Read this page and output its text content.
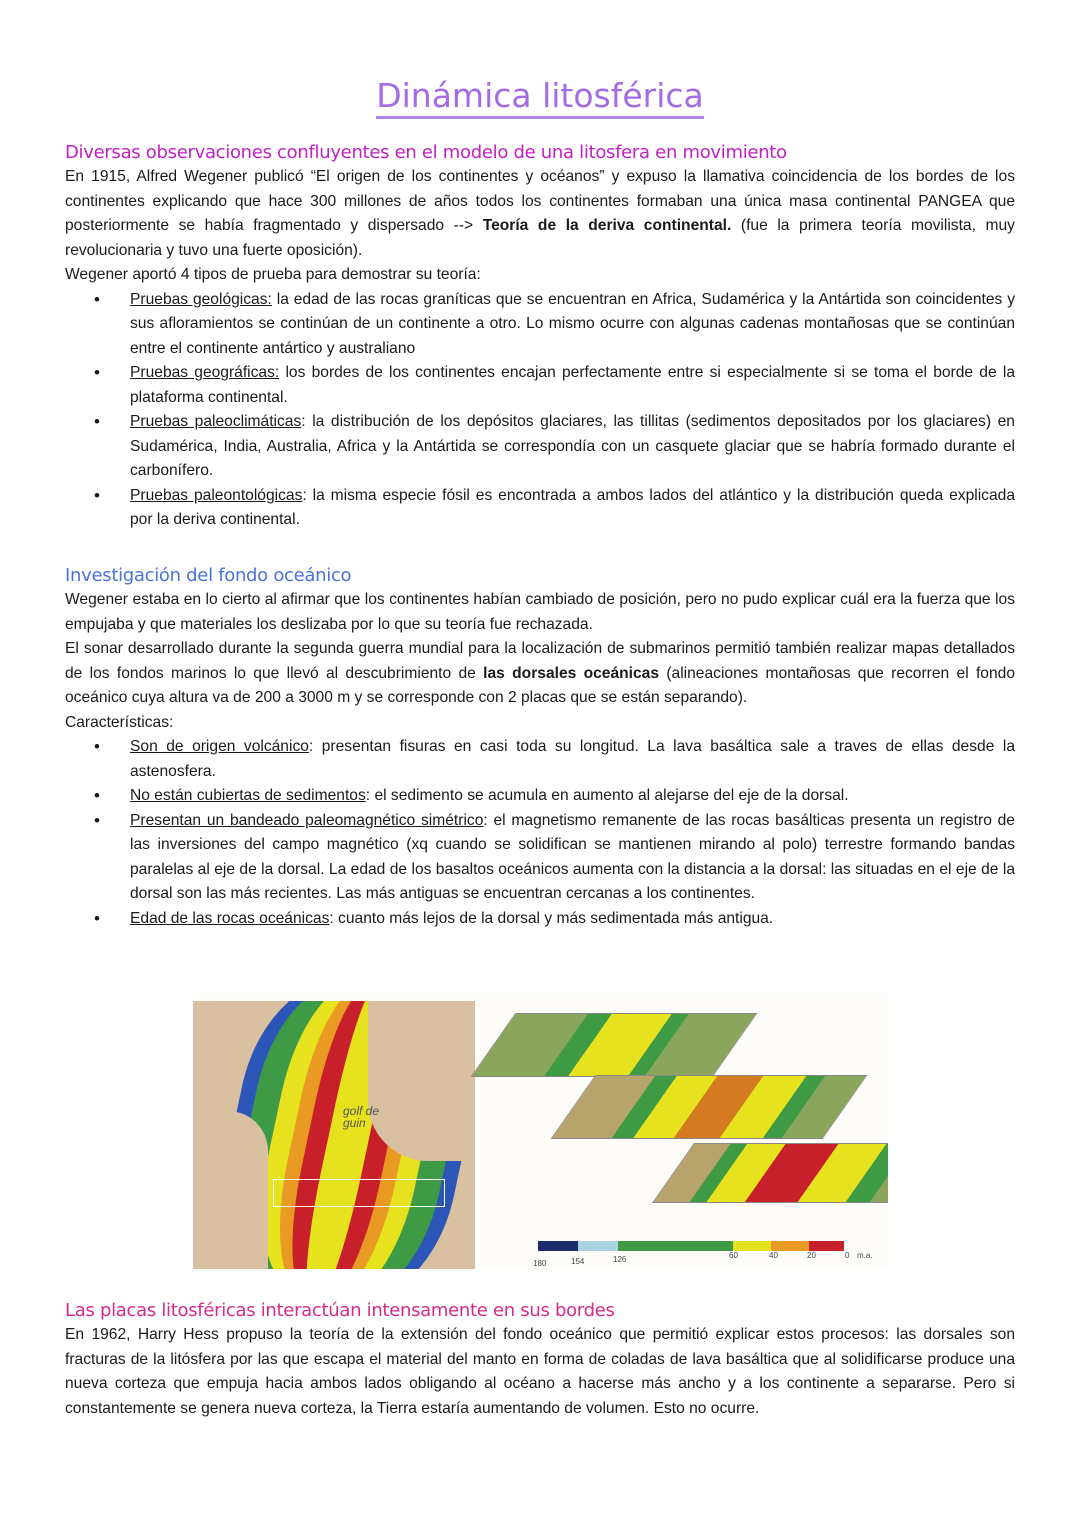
Dinámica litosférica
Diversas observaciones confluyentes en el modelo de una litosfera en movimiento

En 1915, Alfred Wegener publicó “El origen de los continentes y océanos” y expuso la llamativa coincidencia de los bordes de los continentes explicando que hace 300 millones de años todos los continentes formaban una única masa continental PANGEA que posteriormente se había fragmentado y dispersado --> Teoría de la deriva continental. (fue la primera teoría movilista, muy revolucionaria y tuvo una fuerte oposición).

Wegener aportó 4 tipos de prueba para demostrar su teoría:

• Pruebas geológicas: la edad de las rocas graníticas que se encuentran en Africa, Sudamérica y la Antártida son coincidentes y sus afloramientos se continúan de un continente a otro. Lo mismo ocurre con algunas cadenas montañosas que se continúan entre el continente antártico y australiano
• Pruebas geográficas: los bordes de los continentes encajan perfectamente entre si especialmente si se toma el borde de la plataforma continental.
• Pruebas paleoclimáticas: la distribución de los depósitos glaciares, las tillitas (sedimentos depositados por los glaciares) en Sudamérica, India, Australia, Africa y la Antártida se correspondía con un casquete glaciar que se habría formado durante el carbonífero.
• Pruebas paleontológicas: la misma especie fósil es encontrada a ambos lados del atlántico y la distribución queda explicada por la deriva continental.
Investigación del fondo oceánico

Wegener estaba en lo cierto al afirmar que los continentes habían cambiado de posición, pero no pudo explicar cuál era la fuerza que los empujaba y que materiales los deslizaba por lo que su teoría fue rechazada.

El sonar desarrollado durante la segunda guerra mundial para la localización de submarinos permitió también realizar mapas detallados de los fondos marinos lo que llevó al descubrimiento de las dorsales oceánicas (alineaciones montañosas que recorren el fondo oceánico cuya altura va de 200 a 3000 m y se corresponde con 2 placas que se están separando).

Características:

• Son de origen volcánico: presentan fisuras en casi toda su longitud. La lava basáltica sale a traves de ellas desde la astenosfera.
• No están cubiertas de sedimentos: el sedimento se acumula en aumento al alejarse del eje de la dorsal.
• Presentan un bandeado paleomagnético simétrico: el magnetismo remanente de las rocas basálticas presenta un registro de las inversiones del campo magnético (xq cuando se solidifican se mantienen mirando al polo) terrestre formando bandas paralelas al eje de la dorsal. La edad de los basaltos oceánicos aumenta con la distancia a la dorsal: las situadas en el eje de la dorsal son las más recientes. Las más antiguas se encuentran cercanas a los continentes.
• Edad de las rocas oceánicas: cuanto más lejos de la dorsal y más sedimentada más antigua.
Las placas litosféricas interactúan intensamente en sus bordes

En 1962, Harry Hess propuso la teoría de la extensión del fondo oceánico que permitió explicar estos procesos: las dorsales son fracturas de la litósfera por las que escapa el material del manto en forma de coladas de lava basáltica que al solidificarse produce una nueva corteza que empuja hacia ambos lados obligando al océano a hacerse más ancho y a los continente a separarse. Pero si constantemente se genera nueva corteza, la Tierra estaría aumentando de volumen. Esto no ocurre.

golf de guin
180	154	126	60	40	20	0 m.a.
